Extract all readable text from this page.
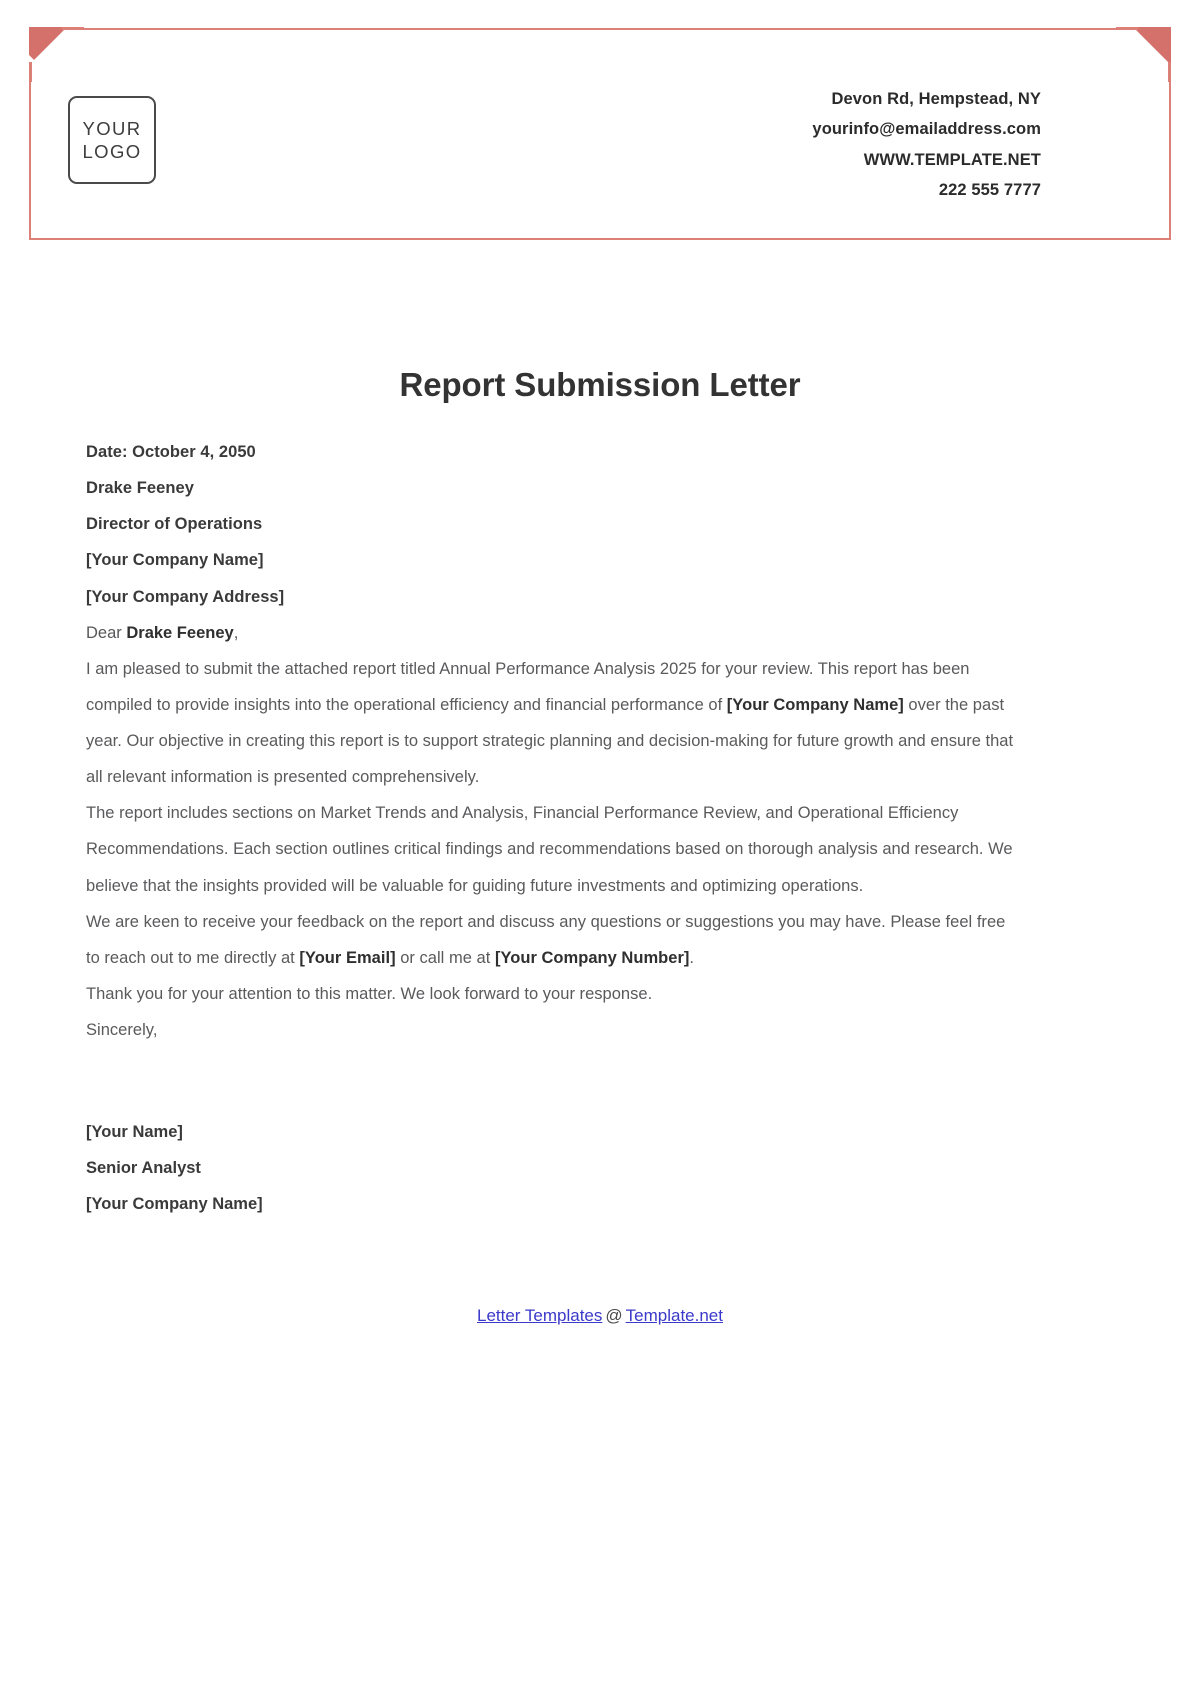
YOUR
LOGO
Devon Rd, Hempstead, NY
yourinfo@emailaddress.com
WWW.TEMPLATE.NET
222 555 7777
Report Submission Letter
Date: October 4, 2050
Drake Feeney
Director of Operations
[Your Company Name]
[Your Company Address]
Dear Drake Feeney,

I am pleased to submit the attached report titled Annual Performance Analysis 2025 for your review. This report has been compiled to provide insights into the operational efficiency and financial performance of [Your Company Name] over the past year. Our objective in creating this report is to support strategic planning and decision-making for future growth and ensure that all relevant information is presented comprehensively.

The report includes sections on Market Trends and Analysis, Financial Performance Review, and Operational Efficiency Recommendations. Each section outlines critical findings and recommendations based on thorough analysis and research. We believe that the insights provided will be valuable for guiding future investments and optimizing operations.

We are keen to receive your feedback on the report and discuss any questions or suggestions you may have. Please feel free to reach out to me directly at [Your Email] or call me at [Your Company Number].

Thank you for your attention to this matter. We look forward to your response.

Sincerely,

[Your Name]
Senior Analyst
[Your Company Name]
Letter Templates @ Template.net
